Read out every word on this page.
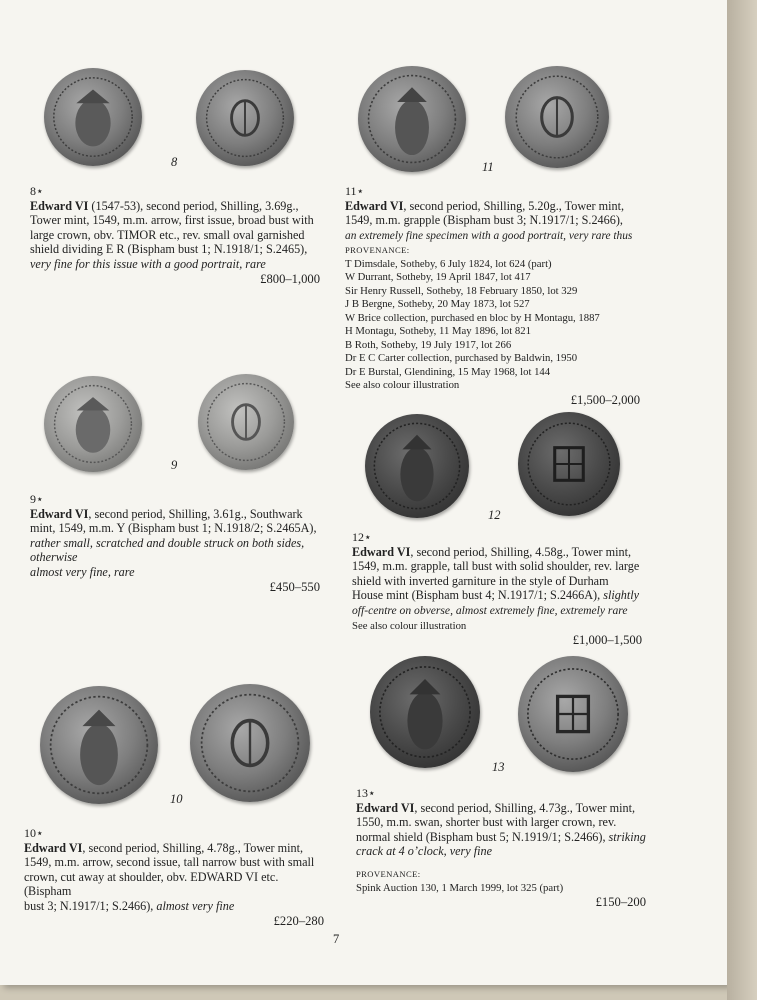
8	11

8⋆

Edward VI (1547-53), second period, Shilling, 3.69g.,
Tower mint, 1549, m.m. arrow, first issue, broad bust with
large crown, obv. TIMOR etc., rev. small oval garnished
shield dividing E R (Bispham bust 1; N.1918/1; S.2465),
very fine for this issue with a good portrait, rare

£800–1,000

11⋆

Edward VI, second period, Shilling, 5.20g., Tower mint,
1549, m.m. grapple (Bispham bust 3; N.1917/1; S.2466),
an extremely fine specimen with a good portrait, very rare thus

PROVENANCE:

T Dimsdale, Sotheby, 6 July 1824, lot 624 (part)
W Durrant, Sotheby, 19 April 1847, lot 417
Sir Henry Russell, Sotheby, 18 February 1850, lot 329
J B Bergne, Sotheby, 20 May 1873, lot 527
W Brice collection, purchased en bloc by H Montagu, 1887
H Montagu, Sotheby, 11 May 1896, lot 821
B Roth, Sotheby, 19 July 1917, lot 266
Dr E C Carter collection, purchased by Baldwin, 1950
Dr E Burstal, Glendining, 15 May 1968, lot 144
See also colour illustration

£1,500–2,000

9

9⋆

Edward VI, second period, Shilling, 3.61g., Southwark
mint, 1549, m.m. Y (Bispham bust 1; N.1918/2; S.2465A),
rather small, scratched and double struck on both sides, otherwise
almost very fine, rare

£450–550

12

12⋆

Edward VI, second period, Shilling, 4.58g., Tower mint,
1549, m.m. grapple, tall bust with solid shoulder, rev. large
shield with inverted garniture in the style of Durham
House mint (Bispham bust 4; N.1917/1; S.2466A), slightly
off-centre on obverse, almost extremely fine, extremely rare

See also colour illustration

£1,000–1,500

10

10⋆

Edward VI, second period, Shilling, 4.78g., Tower mint,
1549, m.m. arrow, second issue, tall narrow bust with small
crown, cut away at shoulder, obv. EDWARD VI etc. (Bispham
bust 3; N.1917/1; S.2466), almost very fine

£220–280

13

13⋆

Edward VI, second period, Shilling, 4.73g., Tower mint,
1550, m.m. swan, shorter bust with larger crown, rev.
normal shield (Bispham bust 5; N.1919/1; S.2466), striking
crack at 4 o’clock, very fine

PROVENANCE:

Spink Auction 130, 1 March 1999, lot 325 (part)

£150–200

7
